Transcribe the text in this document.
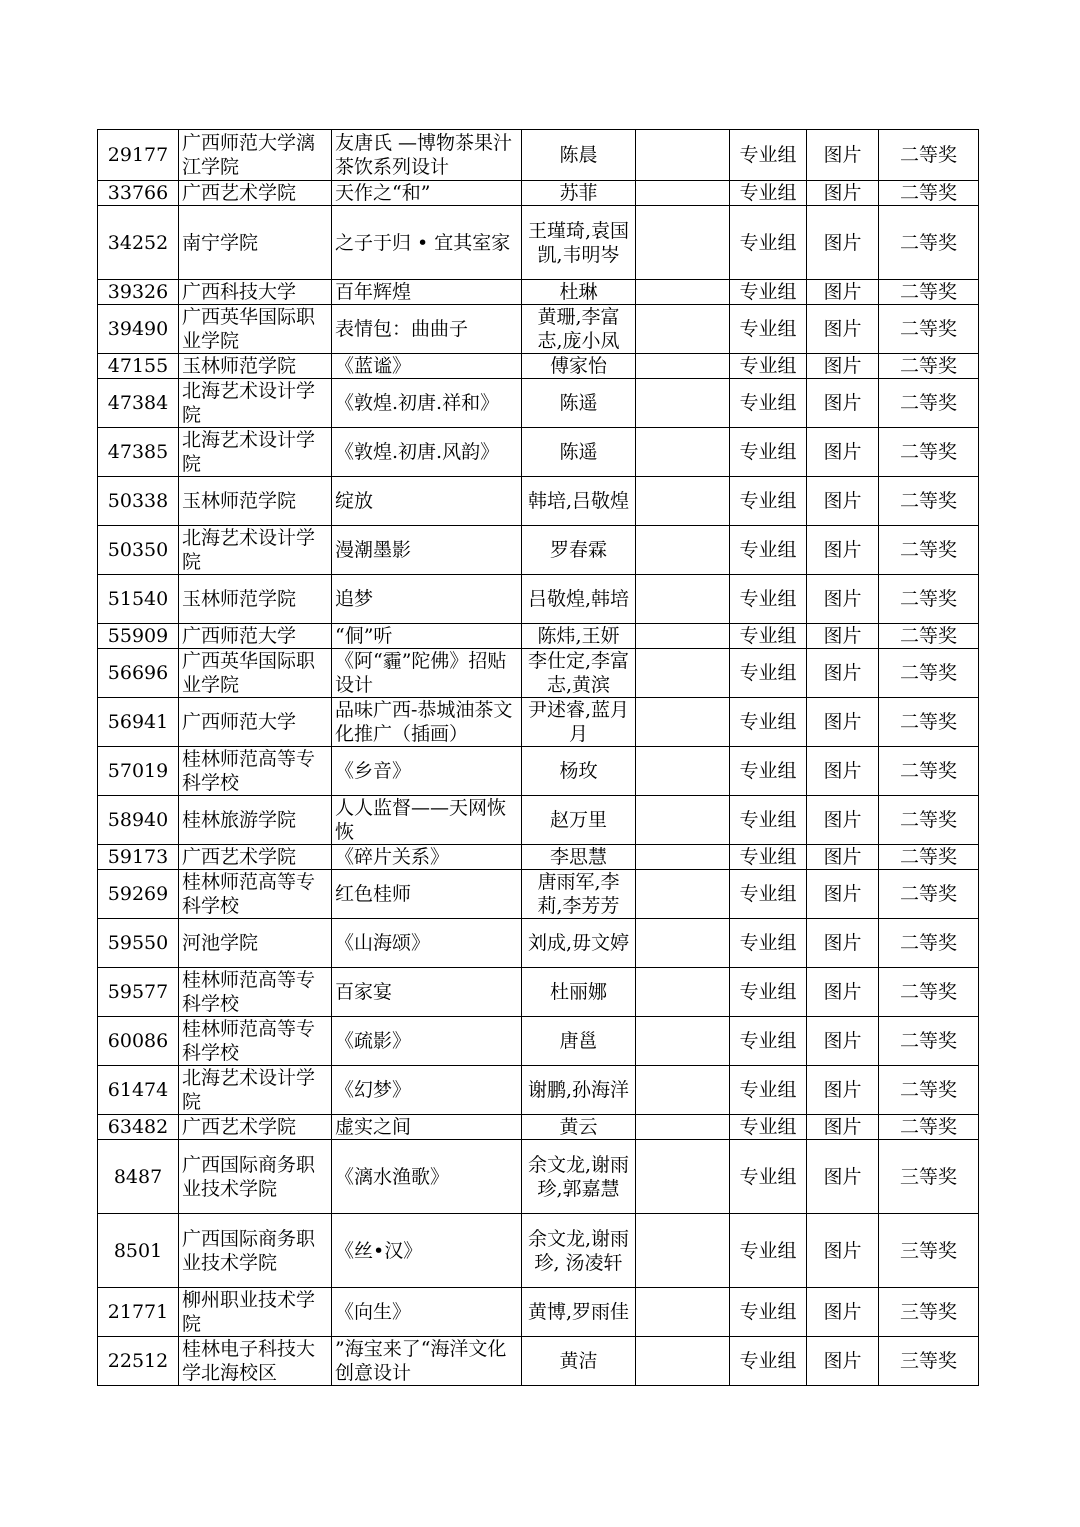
29177	广西师范大学漓江学院	友唐氏 —博物茶果汁茶饮系列设计	陈晨		专业组	图片	二等奖
33766	广西艺术学院	天作之“和”	苏菲		专业组	图片	二等奖
34252	南宁学院	之子于归 • 宜其室家	王瑾琦,袁国凯,韦明岑		专业组	图片	二等奖
39326	广西科技大学	百年辉煌	杜琳		专业组	图片	二等奖
39490	广西英华国际职业学院	表情包：曲曲子	黄珊,李富志,庞小凤		专业组	图片	二等奖
47155	玉林师范学院	《蓝谧》	傅家怡		专业组	图片	二等奖
47384	北海艺术设计学院	《敦煌.初唐.祥和》	陈遥		专业组	图片	二等奖
47385	北海艺术设计学院	《敦煌.初唐.风韵》	陈遥		专业组	图片	二等奖
50338	玉林师范学院	绽放	韩培,吕敬煌		专业组	图片	二等奖
50350	北海艺术设计学院	漫潮墨影	罗春霖		专业组	图片	二等奖
51540	玉林师范学院	追梦	吕敬煌,韩培		专业组	图片	二等奖
55909	广西师范大学	“侗”听	陈炜,王妍		专业组	图片	二等奖
56696	广西英华国际职业学院	《阿“霾”陀佛》招贴设计	李仕定,李富志,黄滨		专业组	图片	二等奖
56941	广西师范大学	品味广西-恭城油茶文化推广（插画）	尹述睿,蓝月月		专业组	图片	二等奖
57019	桂林师范高等专科学校	《乡音》	杨玫		专业组	图片	二等奖
58940	桂林旅游学院	人人监督——天网恢恢	赵万里		专业组	图片	二等奖
59173	广西艺术学院	《碎片关系》	李思慧		专业组	图片	二等奖
59269	桂林师范高等专科学校	红色桂师	唐雨军,李莉,李芳芳		专业组	图片	二等奖
59550	河池学院	《山海颂》	刘成,毋文婷		专业组	图片	二等奖
59577	桂林师范高等专科学校	百家宴	杜丽娜		专业组	图片	二等奖
60086	桂林师范高等专科学校	《疏影》	唐邕		专业组	图片	二等奖
61474	北海艺术设计学院	《幻梦》	谢鹏,孙海洋		专业组	图片	二等奖
63482	广西艺术学院	虚实之间	黄云		专业组	图片	二等奖
8487	广西国际商务职业技术学院	《漓水渔歌》	余文龙,谢雨珍,郭嘉慧		专业组	图片	三等奖
8501	广西国际商务职业技术学院	《丝•汉》	余文龙,谢雨珍, 汤凌轩		专业组	图片	三等奖
21771	柳州职业技术学院	《向生》	黄博,罗雨佳		专业组	图片	三等奖
22512	桂林电子科技大学北海校区	”海宝来了“海洋文化创意设计	黄洁		专业组	图片	三等奖
